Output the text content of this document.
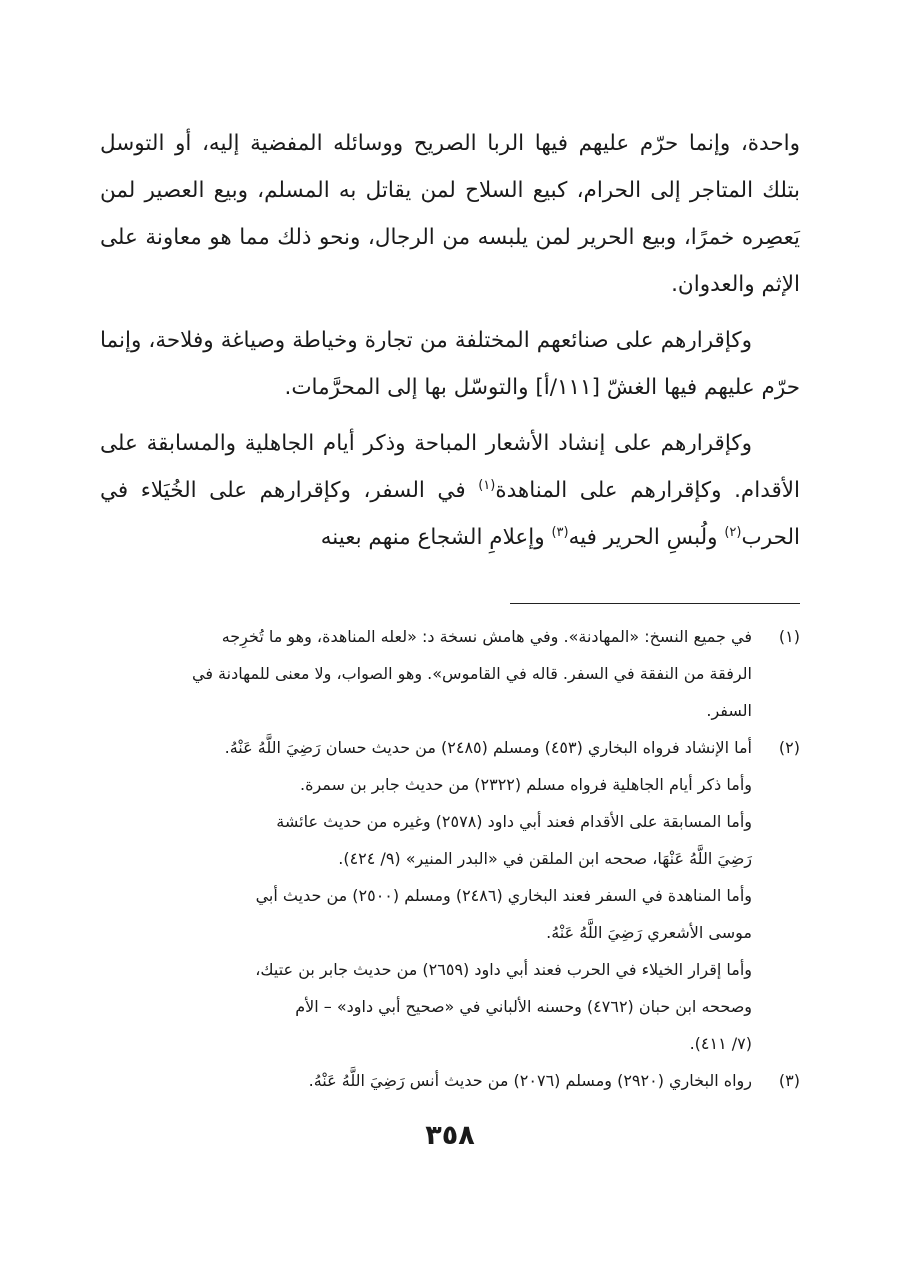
واحدة، وإنما حرّم عليهم فيها الربا الصريح ووسائله المفضية إليه، أو التوسل بتلك المتاجر إلى الحرام، كبيع السلاح لمن يقاتل به المسلم، وبيع العصير لمن يَعصِره خمرًا، وبيع الحرير لمن يلبسه من الرجال، ونحو ذلك مما هو معاونة على الإثم والعدوان.

وكإقرارهم على صنائعهم المختلفة من تجارة وخياطة وصياغة وفلاحة، وإنما حرّم عليهم فيها الغشّ [١١١/أ] والتوسّل بها إلى المحرَّمات.

وكإقرارهم على إنشاد الأشعار المباحة وذكر أيام الجاهلية والمسابقة على الأقدام. وكإقرارهم على المناهدة$^{(١)}$ في السفر، وكإقرارهم على الخُيَلاء في الحرب$^{(٢)}$ ولُبسِ الحرير فيه$^{(٣)}$ وإعلامِ الشجاع منهم بعينه

(١)
في جميع النسخ: «المهادنة». وفي هامش نسخة د: «لعله المناهدة، وهو ما تُخرِجه
الرفقة من النفقة في السفر. قاله في القاموس». وهو الصواب، ولا معنى للمهادنة في
السفر.
(٢)
أما الإنشاد فرواه البخاري (٤٥٣) ومسلم (٢٤٨٥) من حديث حسان رَضِيَ اللَّهُ عَنْهُ.
وأما ذكر أيام الجاهلية فرواه مسلم (٢٣٢٢) من حديث جابر بن سمرة.
وأما المسابقة على الأقدام فعند أبي داود (٢٥٧٨) وغيره من حديث عائشة
رَضِيَ اللَّهُ عَنْهَا، صححه ابن الملقن في «البدر المنير» (٩/ ٤٢٤).
وأما المناهدة في السفر فعند البخاري (٢٤٨٦) ومسلم (٢٥٠٠) من حديث أبي
موسى الأشعري رَضِيَ اللَّهُ عَنْهُ.
وأما إقرار الخيلاء في الحرب فعند أبي داود (٢٦٥٩) من حديث جابر بن عتيك،
وصححه ابن حبان (٤٧٦٢) وحسنه الألباني في «صحيح أبي داود» – الأم
(٧/ ٤١١).
(٣)
رواه البخاري (٢٩٢٠) ومسلم (٢٠٧٦) من حديث أنس رَضِيَ اللَّهُ عَنْهُ.
٣٥٨
